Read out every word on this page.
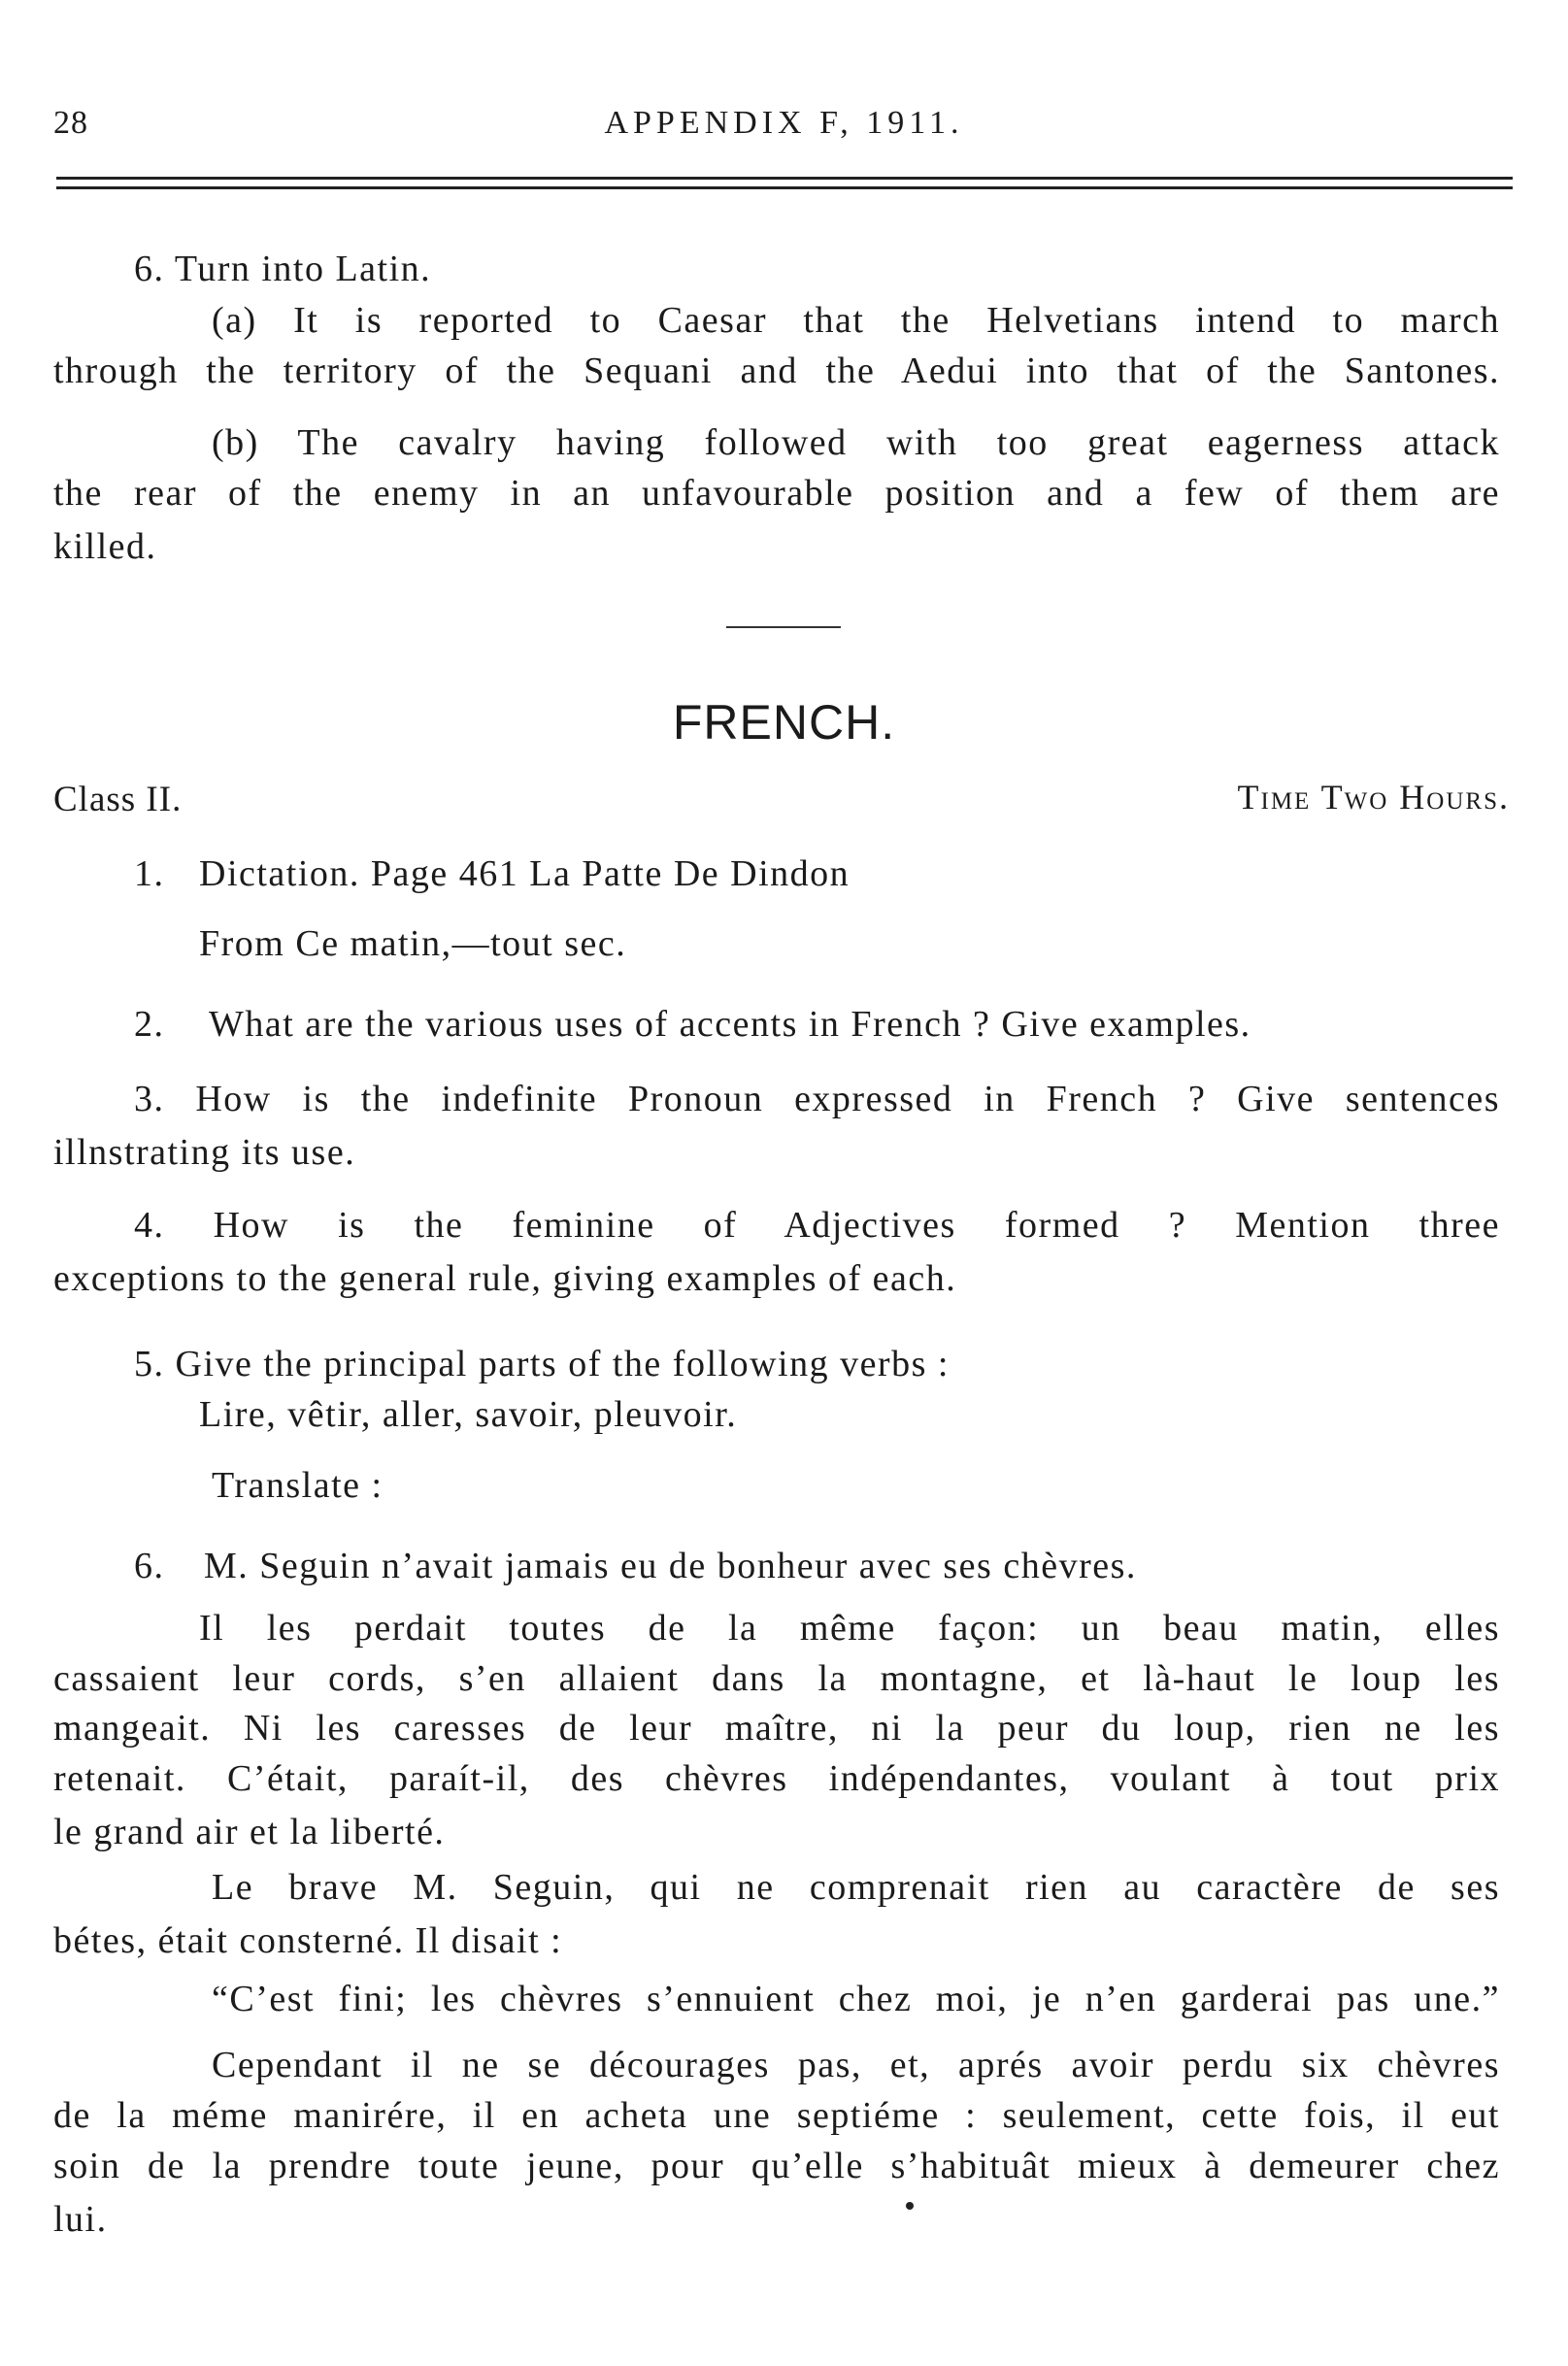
28	APPENDIX F, 1911.
6. Turn into Latin.
(a) It is reported to Caesar that the Helvetians intend to march
through the territory of the Sequani and the Aedui into that of the Santones.
(b) The cavalry having followed with too great eagerness attack
the rear of the enemy in an unfavourable position and a few of them are
killed.
FRENCH.
Class II.	Time Two Hours.
1. Dictation. Page 461 La Patte De Dindon
From Ce matin,—tout sec.
2. What are the various uses of accents in French ? Give examples.
3. How is the indefinite Pronoun expressed in French ? Give sentences
illnstrating its use.
4. How is the feminine of Adjectives formed ? Mention three
exceptions to the general rule, giving examples of each.
5. Give the principal parts of the following verbs :
Lire, vêtir, aller, savoir, pleuvoir.
Translate :
6. M. Seguin n’avait jamais eu de bonheur avec ses chèvres.
Il les perdait toutes de la même façon: un beau matin, elles
cassaient leur cords, s’en allaient dans la montagne, et là-haut le loup les
mangeait. Ni les caresses de leur maître, ni la peur du loup, rien ne les
retenait. C’était, paraít-il, des chèvres indépendantes, voulant à tout prix
le grand air et la liberté.
Le brave M. Seguin, qui ne comprenait rien au caractère de ses
bétes, était consterné. Il disait :
“C’est fini; les chèvres s’ennuient chez moi, je n’en garderai pas une.”
Cependant il ne se décourages pas, et, aprés avoir perdu six chèvres
de la méme manirére, il en acheta une septiéme : seulement, cette fois, il eut
soin de la prendre toute jeune, pour qu’elle s’habituât mieux à demeurer chez
lui.
